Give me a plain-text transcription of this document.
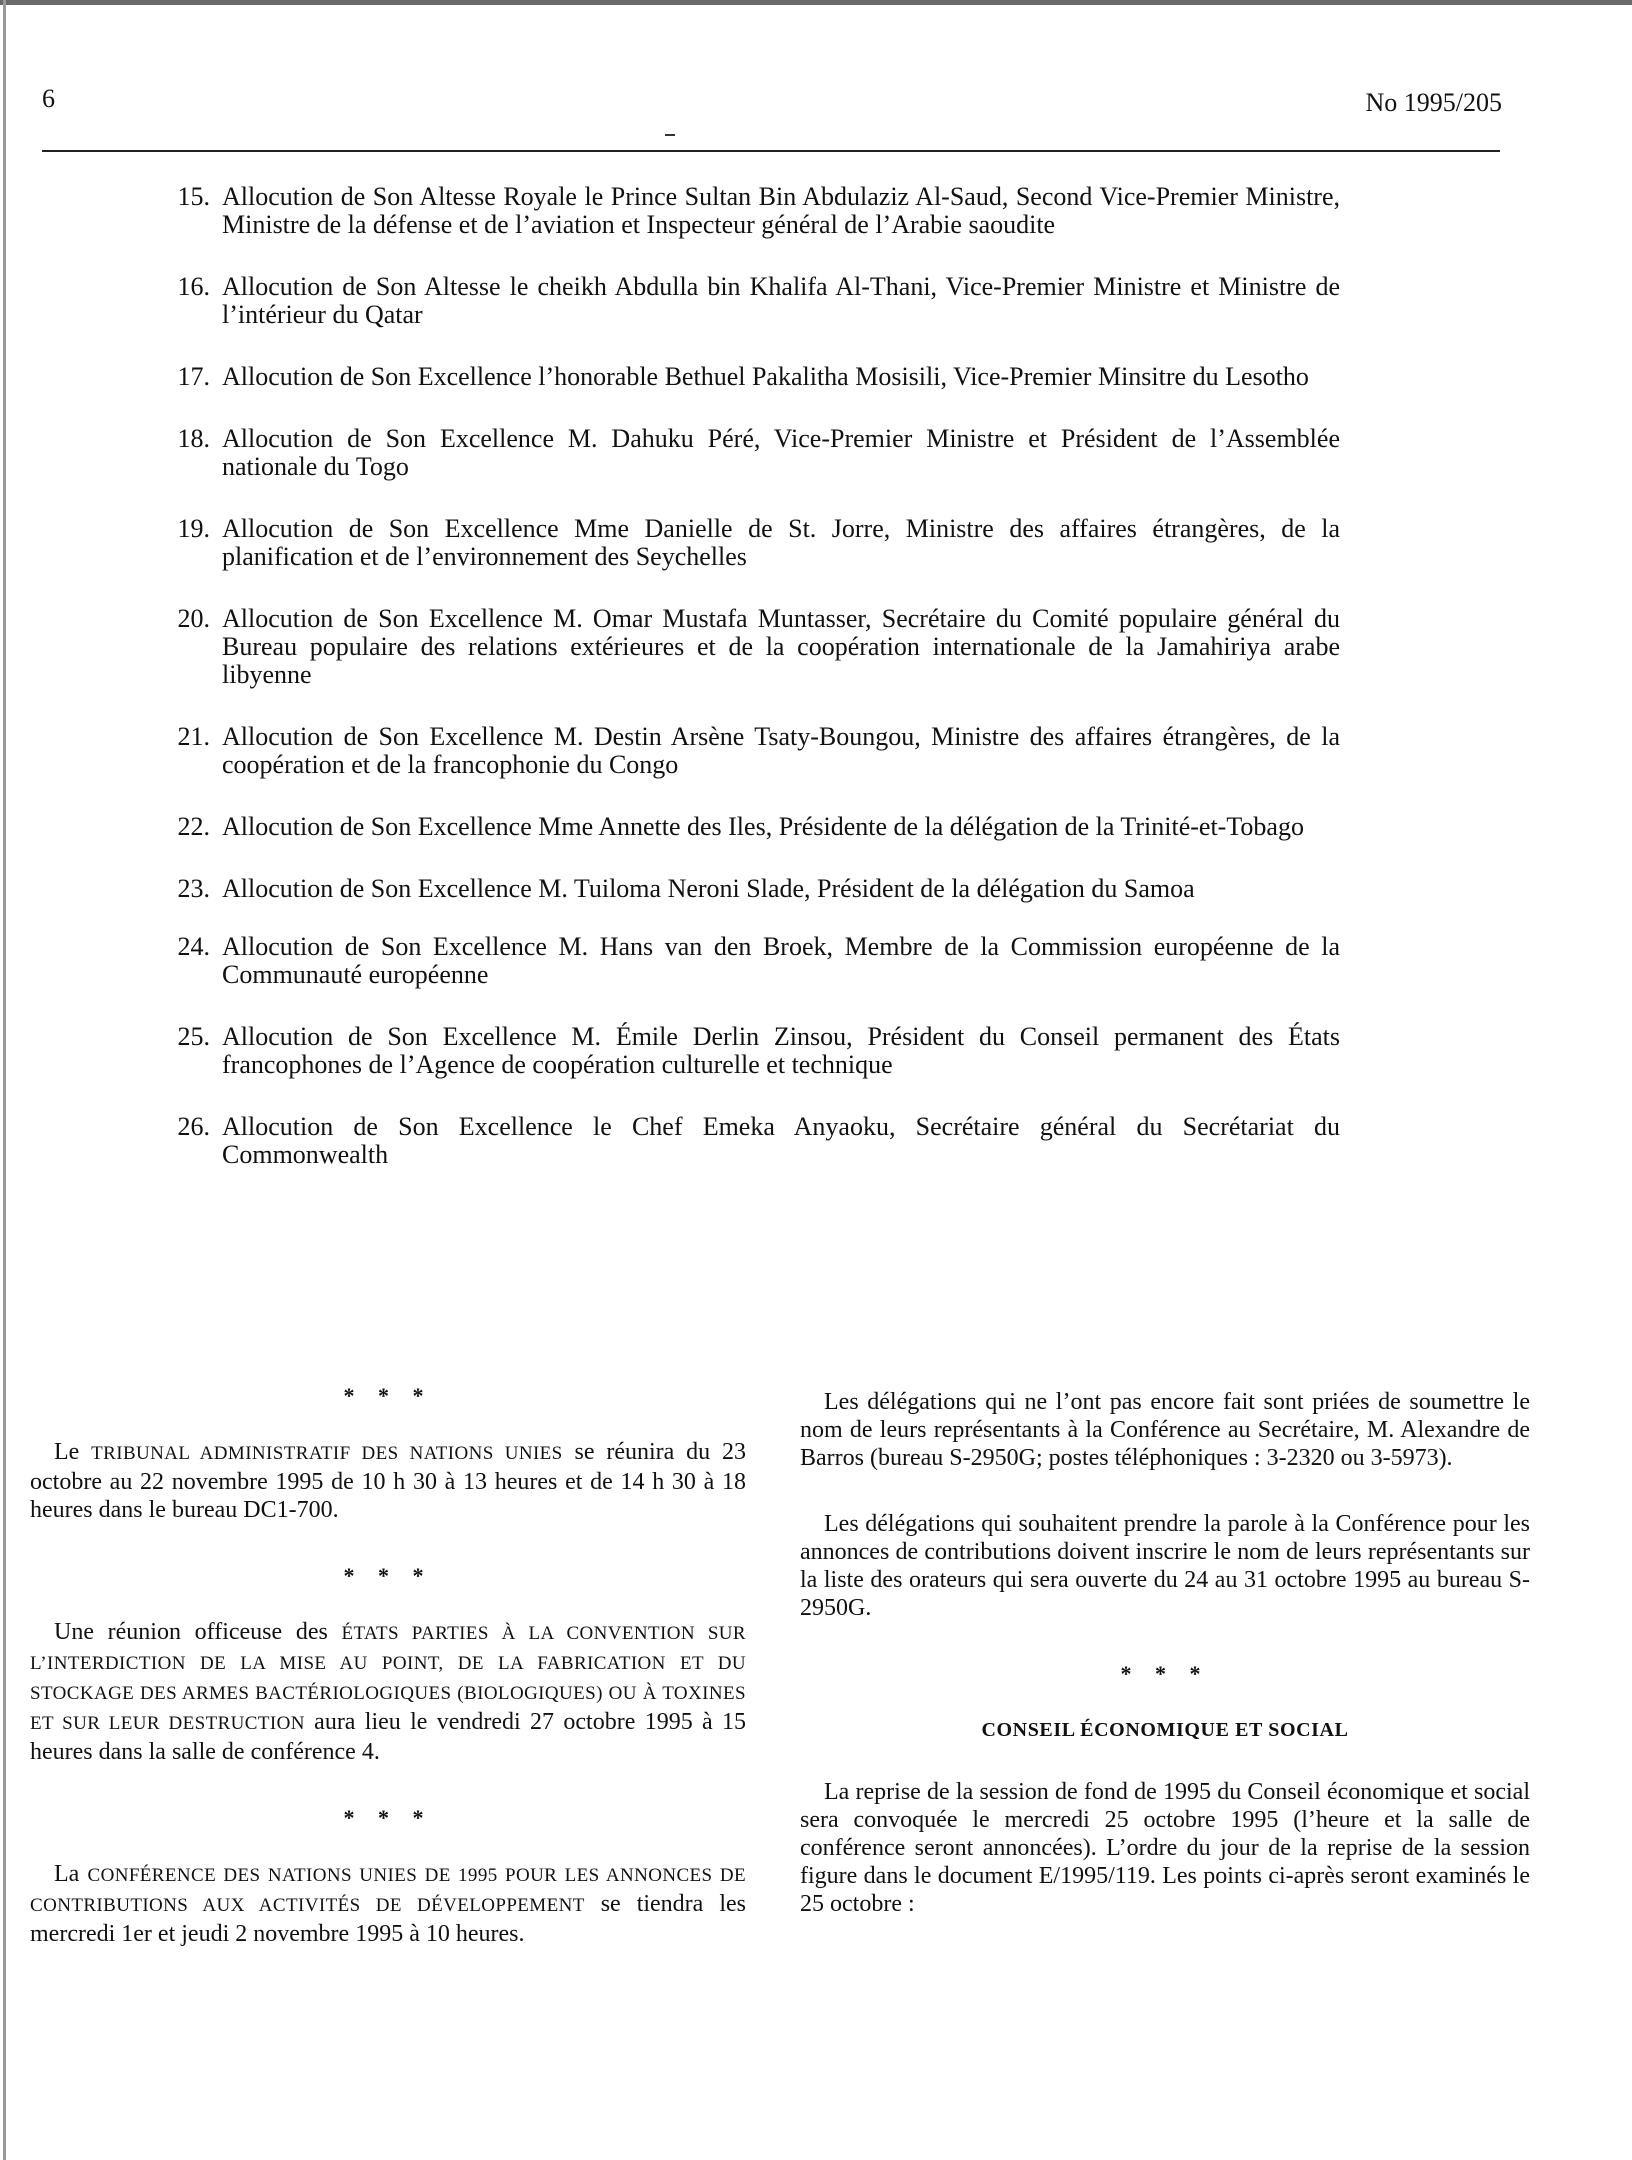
6	No 1995/205
15. Allocution de Son Altesse Royale le Prince Sultan Bin Abdulaziz Al-Saud, Second Vice-Premier Ministre, Ministre de la défense et de l’aviation et Inspecteur général de l’Arabie saoudite
16. Allocution de Son Altesse le cheikh Abdulla bin Khalifa Al-Thani, Vice-Premier Ministre et Ministre de l’intérieur du Qatar
17. Allocution de Son Excellence l’honorable Bethuel Pakalitha Mosisili, Vice-Premier Minsitre du Lesotho
18. Allocution de Son Excellence M. Dahuku Péré, Vice-Premier Ministre et Président de l’Assemblée nationale du Togo
19. Allocution de Son Excellence Mme Danielle de St. Jorre, Ministre des affaires étrangères, de la planification et de l’environnement des Seychelles
20. Allocution de Son Excellence M. Omar Mustafa Muntasser, Secrétaire du Comité populaire général du Bureau populaire des relations extérieures et de la coopération internationale de la Jamahiriya arabe libyenne
21. Allocution de Son Excellence M. Destin Arsène Tsaty-Boungou, Ministre des affaires étrangères, de la coopération et de la francophonie du Congo
22. Allocution de Son Excellence Mme Annette des Iles, Présidente de la délégation de la Trinité-et-Tobago
23. Allocution de Son Excellence M. Tuiloma Neroni Slade, Président de la délégation du Samoa
24. Allocution de Son Excellence M. Hans van den Broek, Membre de la Commission européenne de la Communauté européenne
25. Allocution de Son Excellence M. Émile Derlin Zinsou, Président du Conseil permanent des États francophones de l’Agence de coopération culturelle et technique
26. Allocution de Son Excellence le Chef Emeka Anyaoku, Secrétaire général du Secrétariat du Commonwealth
* * *

Le TRIBUNAL ADMINISTRATIF DES NATIONS UNIES se réunira du 23 octobre au 22 novembre 1995 de 10 h 30 à 13 heures et de 14 h 30 à 18 heures dans le bureau DC1-700.

* * *

Une réunion officeuse des ÉTATS PARTIES À LA CONVENTION SUR L’INTERDICTION DE LA MISE AU POINT, DE LA FABRICATION ET DU STOCKAGE DES ARMES BACTÉRIOLOGIQUES (BIOLOGIQUES) OU À TOXINES ET SUR LEUR DESTRUCTION aura lieu le vendredi 27 octobre 1995 à 15 heures dans la salle de conférence 4.

* * *

La CONFÉRENCE DES NATIONS UNIES DE 1995 POUR LES ANNONCES DE CONTRIBUTIONS AUX ACTIVITÉS DE DÉVELOPPEMENT se tiendra les mercredi 1er et jeudi 2 novembre 1995 à 10 heures.

Les délégations qui ne l’ont pas encore fait sont priées de soumettre le nom de leurs représentants à la Conférence au Secrétaire, M. Alexandre de Barros (bureau S-2950G; postes téléphoniques : 3-2320 ou 3-5973).

Les délégations qui souhaitent prendre la parole à la Conférence pour les annonces de contributions doivent inscrire le nom de leurs représentants sur la liste des orateurs qui sera ouverte du 24 au 31 octobre 1995 au bureau S-2950G.

* * *
CONSEIL ÉCONOMIQUE ET SOCIAL

La reprise de la session de fond de 1995 du Conseil économique et social sera convoquée le mercredi 25 octobre 1995 (l’heure et la salle de conférence seront annoncées). L’ordre du jour de la reprise de la session figure dans le document E/1995/119. Les points ci-après seront examinés le 25 octobre :
